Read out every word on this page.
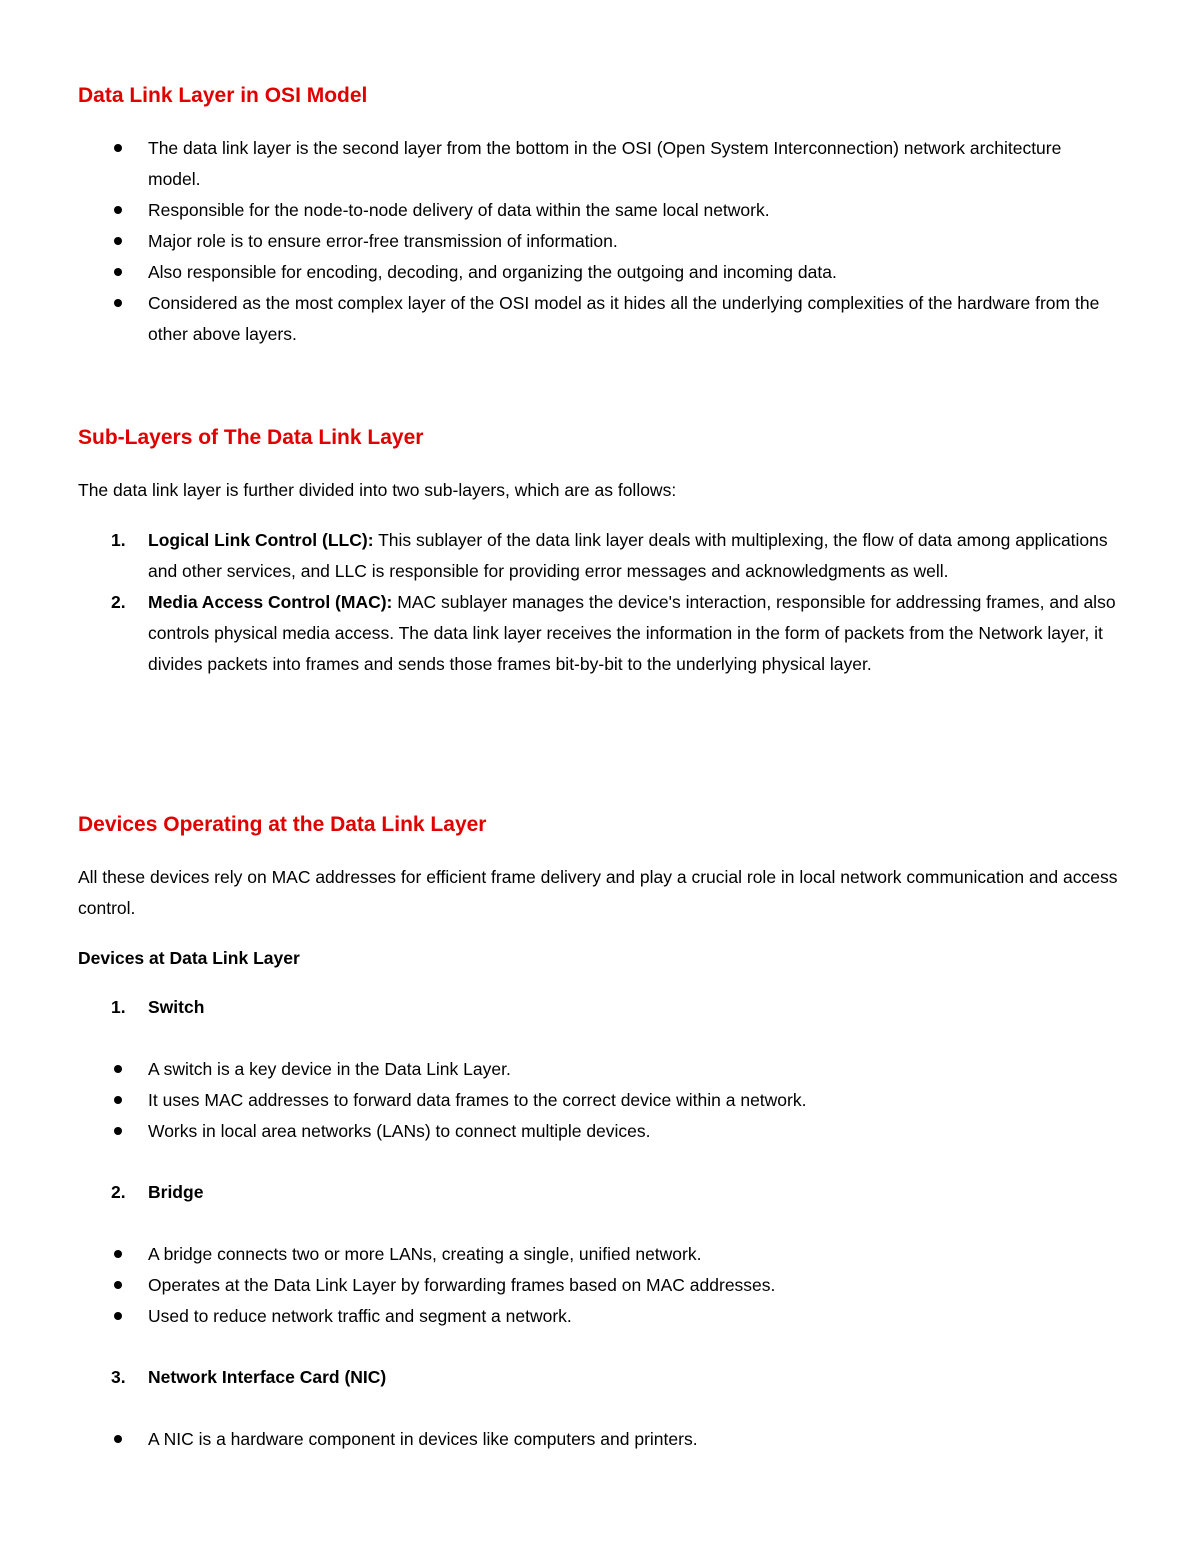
Data Link Layer in OSI Model
The data link layer is the second layer from the bottom in the OSI (Open System Interconnection) network architecture model.
Responsible for the node-to-node delivery of data within the same local network.
Major role is to ensure error-free transmission of information.
Also responsible for encoding, decoding, and organizing the outgoing and incoming data.
Considered as the most complex layer of the OSI model as it hides all the underlying complexities of the hardware from the other above layers.
Sub-Layers of The Data Link Layer

The data link layer is further divided into two sub-layers, which are as follows:

1. Logical Link Control (LLC): This sublayer of the data link layer deals with multiplexing, the flow of data among applications and other services, and LLC is responsible for providing error messages and acknowledgments as well.
2. Media Access Control (MAC): MAC sublayer manages the device's interaction, responsible for addressing frames, and also controls physical media access. The data link layer receives the information in the form of packets from the Network layer, it divides packets into frames and sends those frames bit-by-bit to the underlying physical layer.
Devices Operating at the Data Link Layer

All these devices rely on MAC addresses for efficient frame delivery and play a crucial role in local network communication and access control.

Devices at Data Link Layer

1. Switch
A switch is a key device in the Data Link Layer.
It uses MAC addresses to forward data frames to the correct device within a network.
Works in local area networks (LANs) to connect multiple devices.
2. Bridge
A bridge connects two or more LANs, creating a single, unified network.
Operates at the Data Link Layer by forwarding frames based on MAC addresses.
Used to reduce network traffic and segment a network.
3. Network Interface Card (NIC)
A NIC is a hardware component in devices like computers and printers.
